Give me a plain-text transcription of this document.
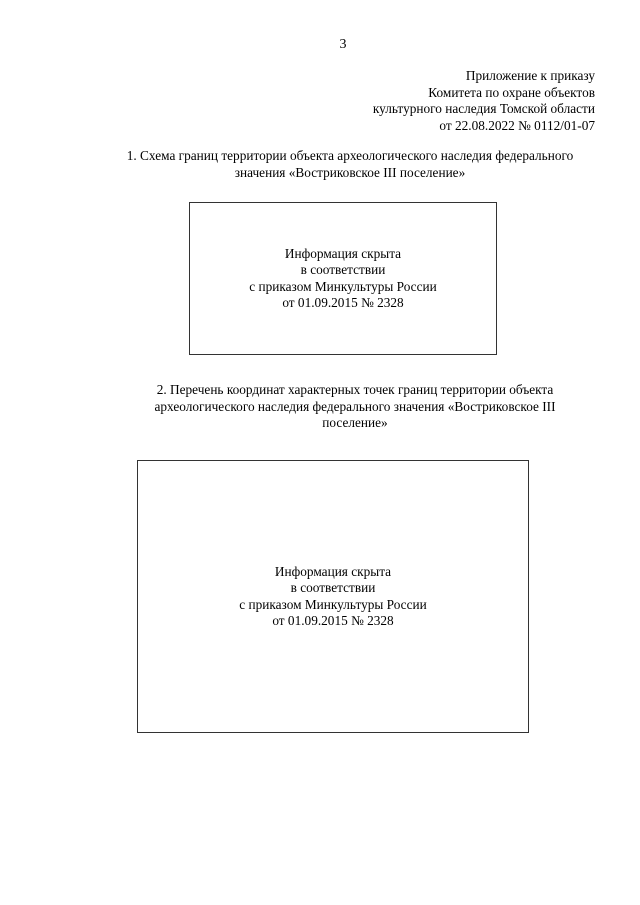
3
Приложение к приказу
Комитета по охране объектов
культурного наследия Томской области
от 22.08.2022 № 0112/01-07
1. Схема границ территории объекта археологического наследия федерального
значения «Востриковское III поселение»
Информация скрыта
в соответствии
с приказом Минкультуры России
от 01.09.2015 № 2328
2. Перечень координат характерных точек границ территории объекта
археологического наследия федерального значения «Востриковское III
поселение»
Информация скрыта
в соответствии
с приказом Минкультуры России
от 01.09.2015 № 2328
